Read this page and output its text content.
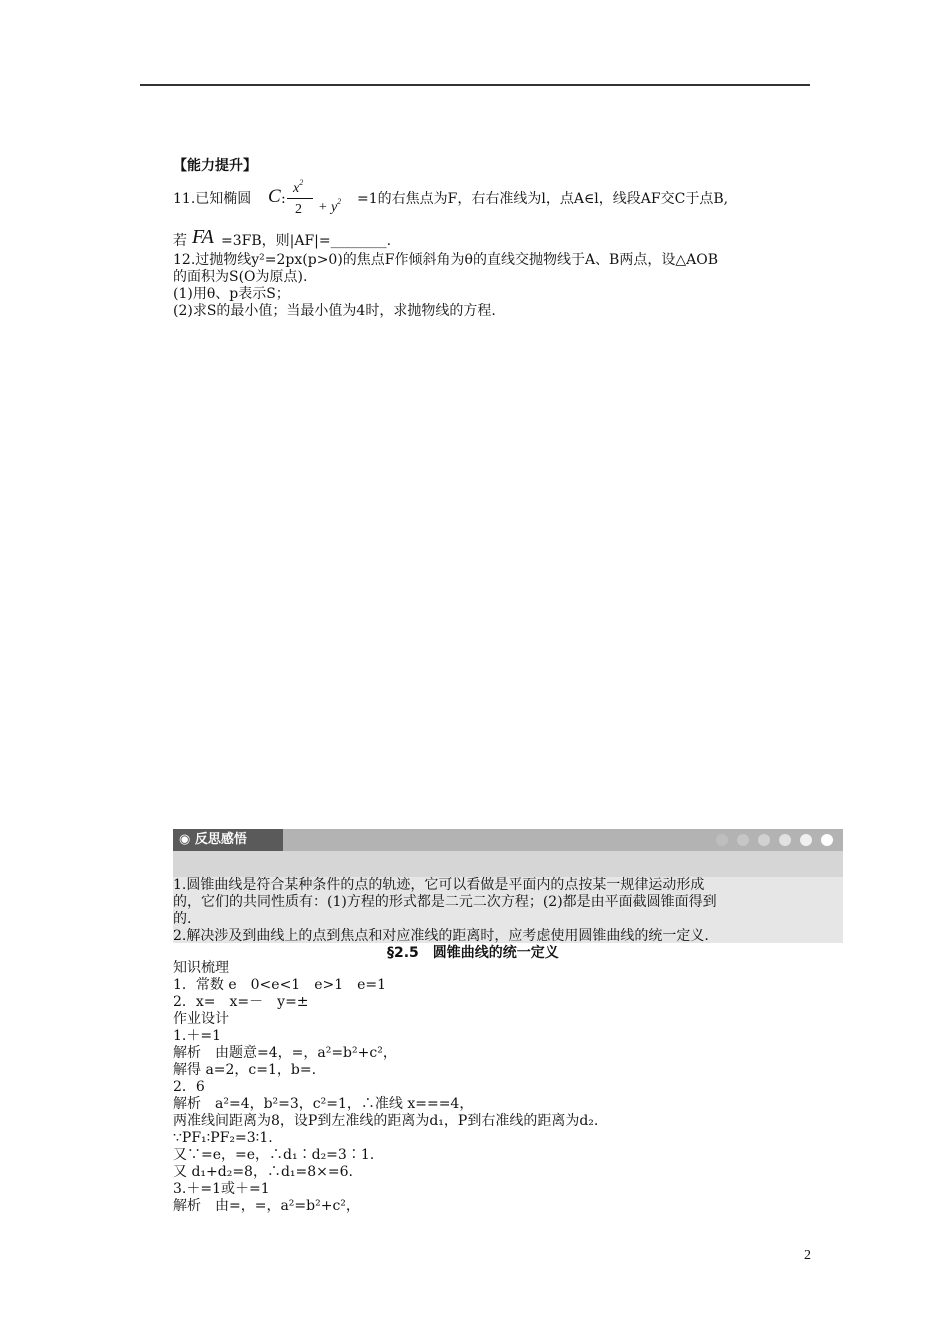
【能力提升】
11.已知椭圆 C :
$x^2$
$2 + y^2 =1$的右焦点为F，右右准线为l，点A∈l，线段AF交C于点B,
若 FA =3FB，则|AF|=________.
12.过抛物线y²=2px(p>0)的焦点F作倾斜角为θ的直线交抛物线于A、B两点，设△AOB
的面积为S(O为原点).
(1)用θ、p表示S；
(2)求S的最小值；当最小值为4时，求抛物线的方程.
◉ 反思感悟
1.圆锥曲线是符合某种条件的点的轨迹，它可以看做是平面内的点按某一规律运动形成
的，它们的共同性质有：(1)方程的形式都是二元二次方程；(2)都是由平面截圆锥面得到
的.
2.解决涉及到曲线上的点到焦点和对应准线的距离时，应考虑使用圆锥曲线的统一定义.
§2.5　圆锥曲线的统一定义
知识梳理
1．常数 e　0<e<1　e>1　e=1
2．x=　x=－　y=±
作业设计
1.＋=1
解析　由题意=4，=，a²=b²+c²，
解得 a=2，c=1，b=.
2．6
解析　a²=4，b²=3，c²=1，∴准线 x===4，
两准线间距离为8，设P到左准线的距离为d₁，P到右准线的距离为d₂.
∵PF₁∶PF₂=3∶1.
又∵=e，=e，∴d₁∶d₂=3∶1.
又 d₁+d₂=8，∴d₁=8×=6.
3.＋=1或＋=1
解析　由=，=，a²=b²+c²，
2
